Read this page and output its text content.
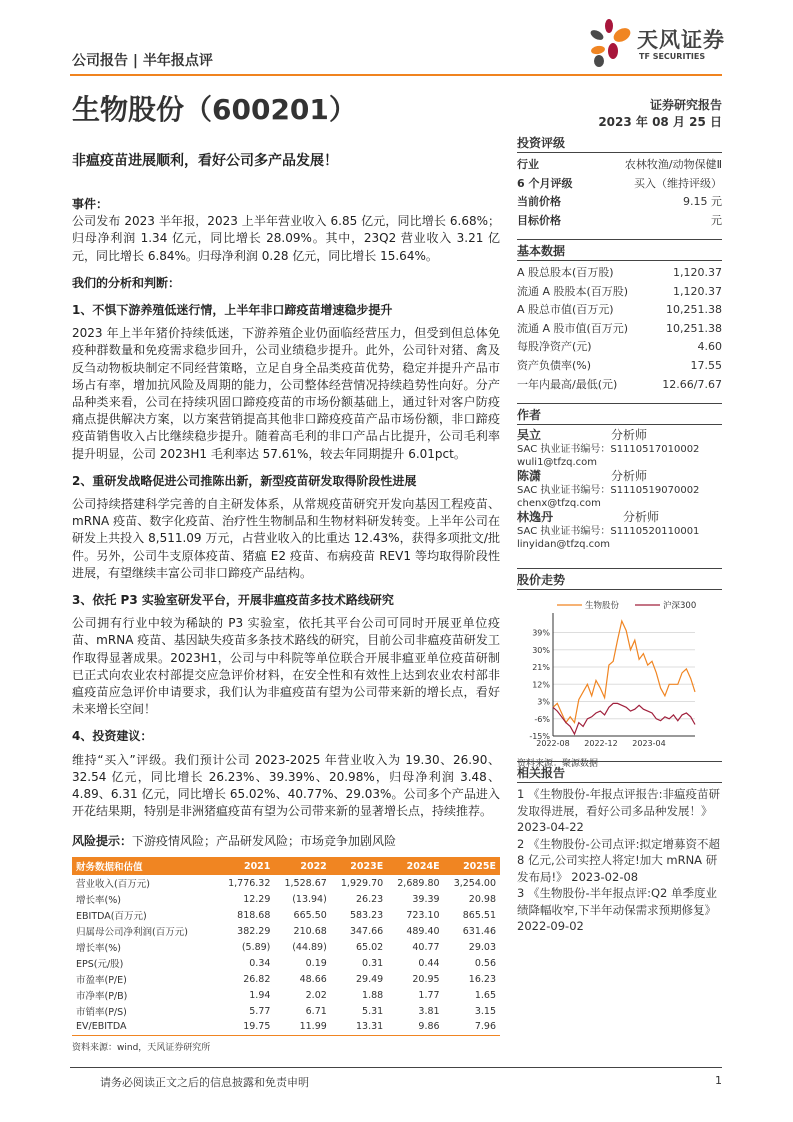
公司报告 | 半年报点评
天风证券
TF SECURITIES
生物股份（600201）	证券研究报告
2023 年 08 月 25 日
非瘟疫苗进展顺利，看好公司多产品发展！
事件：

公司发布 2023 半年报，2023 上半年营业收入 6.85 亿元，同比增长 6.68%；归母净利润 1.34 亿元，同比增长 28.09%。其中，23Q2 营业收入 3.21 亿元，同比增长 6.84%。归母净利润 0.28 亿元，同比增长 15.64%。

我们的分析和判断：
1、不惧下游养殖低迷行情，上半年非口蹄疫苗增速稳步提升

2023 年上半年猪价持续低迷，下游养殖企业仍面临经营压力，但受到但总体免疫种群数量和免疫需求稳步回升，公司业绩稳步提升。此外，公司针对猪、禽及反刍动物板块制定不同经营策略，立足自身全品类疫苗优势，稳定并提升产品市场占有率，增加抗风险及周期的能力，公司整体经营情况持续趋势性向好。分产品种类来看，公司在持续巩固口蹄疫疫苗的市场份额基础上，通过针对客户防疫痛点提供解决方案，以方案营销提高其他非口蹄疫疫苗产品市场份额，非口蹄疫疫苗销售收入占比继续稳步提升。随着高毛利的非口产品占比提升，公司毛利率提升明显，公司 2023H1 毛利率达 57.61%，较去年同期提升 6.01pct。

2、重研发战略促进公司推陈出新，新型疫苗研发取得阶段性进展

公司持续搭建科学完善的自主研发体系，从常规疫苗研究开发向基因工程疫苗、mRNA 疫苗、数字化疫苗、治疗性生物制品和生物材料研发转变。上半年公司在研发上共投入 8,511.09 万元，占营业收入的比重达 12.43%，获得多项批文/批件。另外，公司牛支原体疫苗、猪瘟 E2 疫苗、布病疫苗 REV1 等均取得阶段性进展，有望继续丰富公司非口蹄疫产品结构。

3、依托 P3 实验室研发平台，开展非瘟疫苗多技术路线研究

公司拥有行业中较为稀缺的 P3 实验室，依托其平台公司可同时开展亚单位疫苗、mRNA 疫苗、基因缺失疫苗多条技术路线的研究，目前公司非瘟疫苗研发工作取得显著成果。2023H1，公司与中科院等单位联合开展非瘟亚单位疫苗研制已正式向农业农村部提交应急评价材料，在安全性和有效性上达到农业农村部非瘟疫苗应急评价申请要求，我们认为非瘟疫苗有望为公司带来新的增长点，看好未来增长空间！

4、投资建议：

维持“买入”评级。我们预计公司 2023-2025 年营业收入为 19.30、26.90、32.54 亿元，同比增长 26.23%、39.39%、20.98%，归母净利润 3.48、4.89、6.31 亿元，同比增长 65.02%、40.77%、29.03%。公司多个产品进入开花结果期，特别是非洲猪瘟疫苗有望为公司带来新的显著增长点，持续推荐。

风险提示：下游疫情风险；产品研发风险；市场竞争加剧风险

财务数据和估值	2021	2022	2023E	2024E	2025E
营业收入(百万元)	1,776.32	1,528.67	1,929.70	2,689.80	3,254.00
增长率(%)	12.29	(13.94)	26.23	39.39	20.98
EBITDA(百万元)	818.68	665.50	583.23	723.10	865.51
归属母公司净利润(百万元)	382.29	210.68	347.66	489.40	631.46
增长率(%)	(5.89)	(44.89)	65.02	40.77	29.03
EPS(元/股)	0.34	0.19	0.31	0.44	0.56
市盈率(P/E)	26.82	48.66	29.49	20.95	16.23
市净率(P/B)	1.94	2.02	1.88	1.77	1.65
市销率(P/S)	5.77	6.71	5.31	3.81	3.15
EV/EBITDA	19.75	11.99	13.31	9.86	7.96
资料来源：wind，天风证券研究所
投资评级
行业	农林牧渔/动物保健Ⅱ
6 个月评级	买入（维持评级）
当前价格	9.15 元
目标价格	元
基本数据
A 股总股本(百万股)	1,120.37
流通 A 股股本(百万股)	1,120.37
A 股总市值(百万元)	10,251.38
流通 A 股市值(百万元)	10,251.38
每股净资产(元)	4.60
资产负债率(%)	17.55
一年内最高/最低(元)	12.66/7.67
作者
吴立	分析师
SAC 执业证书编号：S1110517010002
wuli1@tfzq.com
陈潇	分析师
SAC 执业证书编号：S1110519070002
chenx@tfzq.com
林逸丹	分析师
SAC 执业证书编号：S1110520110001
linyidan@tfzq.com
股价走势
39%
30%
21%
12%
3%
-6%
-15%
2022-08 2022-12 2023-04
生物股份	沪深300
资料来源：聚源数据
相关报告
1 《生物股份-年报点评报告:非瘟疫苗研发取得进展，看好公司多品种发展！》 2023-04-22
2 《生物股份-公司点评:拟定增募资不超 8 亿元,公司实控人将定!加大 mRNA 研发布局!》 2023-02-08
3 《生物股份-半年报点评:Q2 单季度业绩降幅收窄,下半年动保需求预期修复》 2022-09-02
请务必阅读正文之后的信息披露和免责申明	1
